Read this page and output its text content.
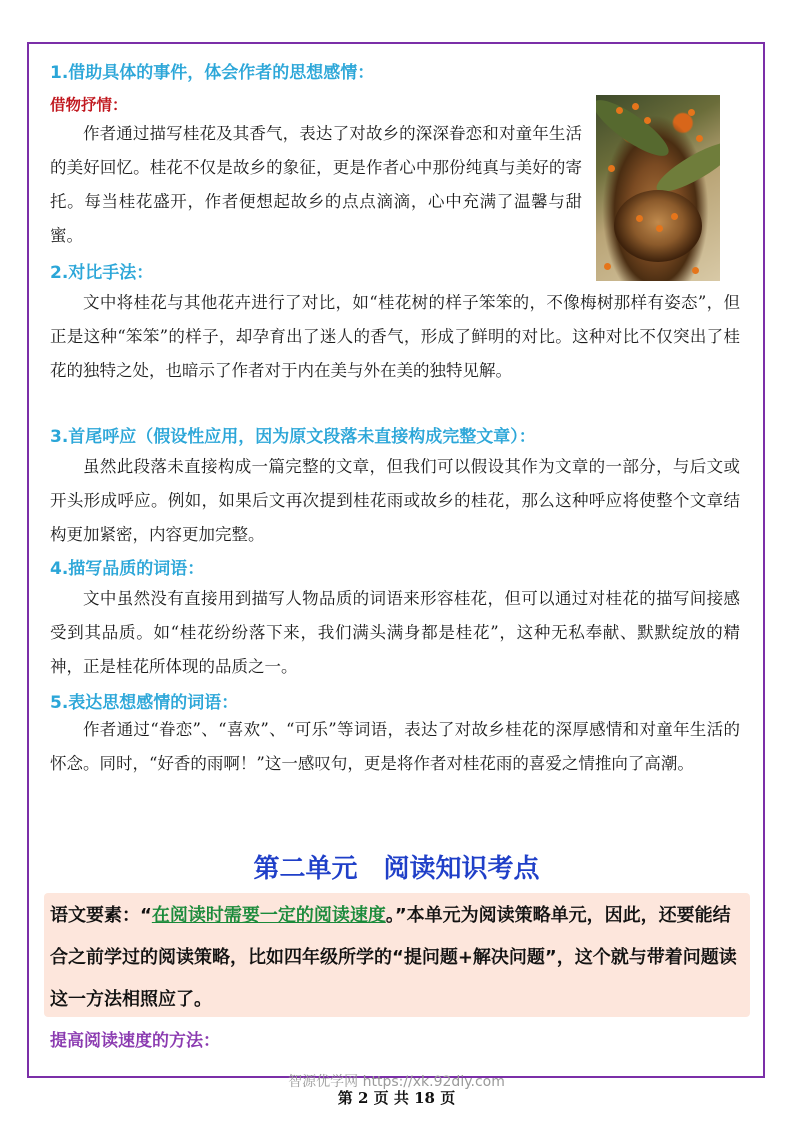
1.借助具体的事件，体会作者的思想感情：
借物抒情：
作者通过描写桂花及其香气，表达了对故乡的深深眷恋和对童年生活的美好回忆。桂花不仅是故乡的象征，更是作者心中那份纯真与美好的寄托。每当桂花盛开，作者便想起故乡的点点滴滴，心中充满了温馨与甜蜜。
2.对比手法：
文中将桂花与其他花卉进行了对比，如“桂花树的样子笨笨的，不像梅树那样有姿态”，但正是这种“笨笨”的样子，却孕育出了迷人的香气，形成了鲜明的对比。这种对比不仅突出了桂花的独特之处，也暗示了作者对于内在美与外在美的独特见解。
3.首尾呼应（假设性应用，因为原文段落未直接构成完整文章）：
虽然此段落未直接构成一篇完整的文章，但我们可以假设其作为文章的一部分，与后文或开头形成呼应。例如，如果后文再次提到桂花雨或故乡的桂花，那么这种呼应将使整个文章结构更加紧密，内容更加完整。
4.描写品质的词语：
文中虽然没有直接用到描写人物品质的词语来形容桂花，但可以通过对桂花的描写间接感受到其品质。如“桂花纷纷落下来，我们满头满身都是桂花”，这种无私奉献、默默绽放的精神，正是桂花所体现的品质之一。
5.表达思想感情的词语：
作者通过“眷恋”、“喜欢”、“可乐”等词语，表达了对故乡桂花的深厚感情和对童年生活的怀念。同时，“好香的雨啊！”这一感叹句，更是将作者对桂花雨的喜爱之情推向了高潮。
第二单元　阅读知识考点
语文要素：“在阅读时需要一定的阅读速度。”本单元为阅读策略单元，因此，还要能结合之前学过的阅读策略，比如四年级所学的“提问题+解决问题”，这个就与带着问题读这一方法相照应了。
提高阅读速度的方法：
智源优学网 https://xk.92diy.com
第 2 页 共 18 页
